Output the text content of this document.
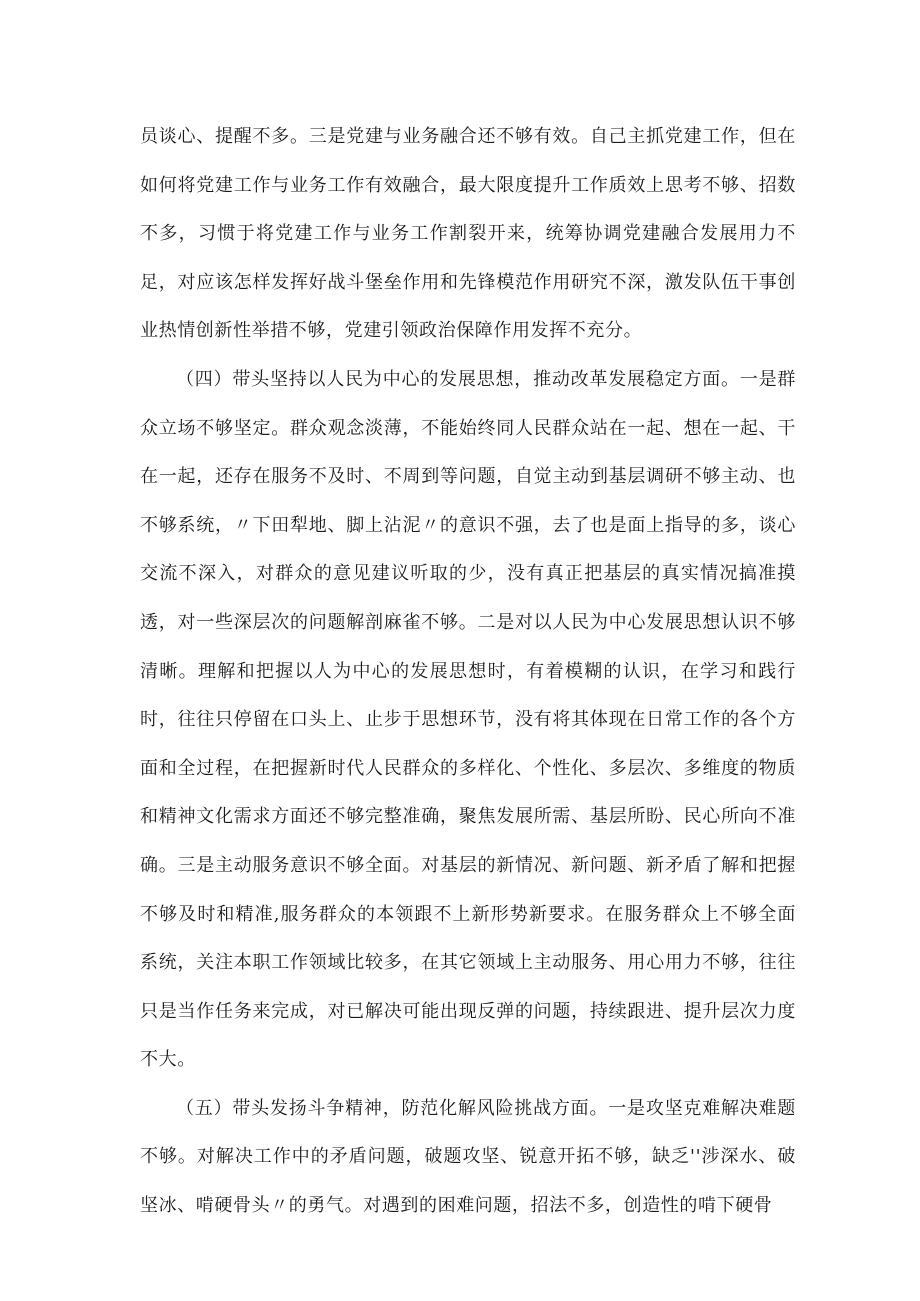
员谈心、提醒不多。三是党建与业务融合还不够有效。自己主抓党建工作，但在如何将党建工作与业务工作有效融合，最大限度提升工作质效上思考不够、招数不多，习惯于将党建工作与业务工作割裂开来，统筹协调党建融合发展用力不足，对应该怎样发挥好战斗堡垒作用和先锋模范作用研究不深，激发队伍干事创业热情创新性举措不够，党建引领政治保障作用发挥不充分。

（四）带头坚持以人民为中心的发展思想，推动改革发展稳定方面。一是群众立场不够坚定。群众观念淡薄，不能始终同人民群众站在一起、想在一起、干在一起，还存在服务不及时、不周到等问题，自觉主动到基层调研不够主动、也不够系统，〃下田犁地、脚上沾泥〃的意识不强，去了也是面上指导的多，谈心交流不深入，对群众的意见建议听取的少，没有真正把基层的真实情况搞准摸透，对一些深层次的问题解剖麻雀不够。二是对以人民为中心发展思想认识不够清晰。理解和把握以人为中心的发展思想时，有着模糊的认识，在学习和践行时，往往只停留在口头上、止步于思想环节，没有将其体现在日常工作的各个方面和全过程，在把握新时代人民群众的多样化、个性化、多层次、多维度的物质和精神文化需求方面还不够完整准确，聚焦发展所需、基层所盼、民心所向不准确。三是主动服务意识不够全面。对基层的新情况、新问题、新矛盾了解和把握不够及时和精准,服务群众的本领跟不上新形势新要求。在服务群众上不够全面系统，关注本职工作领域比较多，在其它领域上主动服务、用心用力不够，往往只是当作任务来完成，对已解决可能出现反弹的问题，持续跟进、提升层次力度不大。

（五）带头发扬斗争精神，防范化解风险挑战方面。一是攻坚克难解决难题不够。对解决工作中的矛盾问题，破题攻坚、锐意开拓不够，缺乏''涉深水、破坚冰、啃硬骨头〃的勇气。对遇到的困难问题，招法不多，创造性的啃下硬骨
